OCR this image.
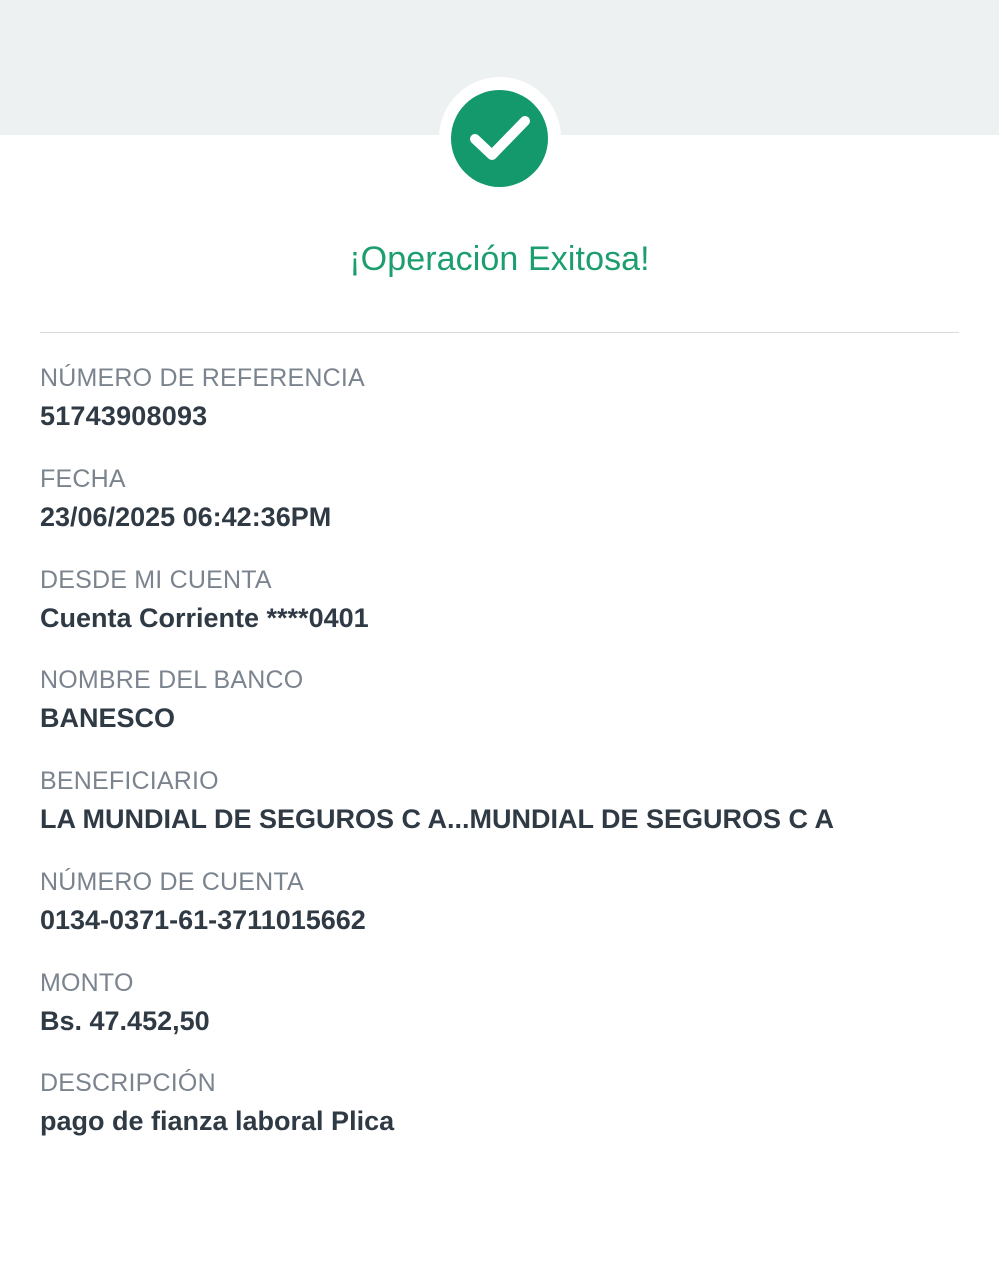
¡Operación Exitosa!
NÚMERO DE REFERENCIA
51743908093
FECHA
23/06/2025 06:42:36PM
DESDE MI CUENTA
Cuenta Corriente ****0401
NOMBRE DEL BANCO
BANESCO
BENEFICIARIO
LA MUNDIAL DE SEGUROS C A...MUNDIAL DE SEGUROS C A
NÚMERO DE CUENTA
0134-0371-61-3711015662
MONTO
Bs. 47.452,50
DESCRIPCIÓN
pago de fianza laboral Plica
